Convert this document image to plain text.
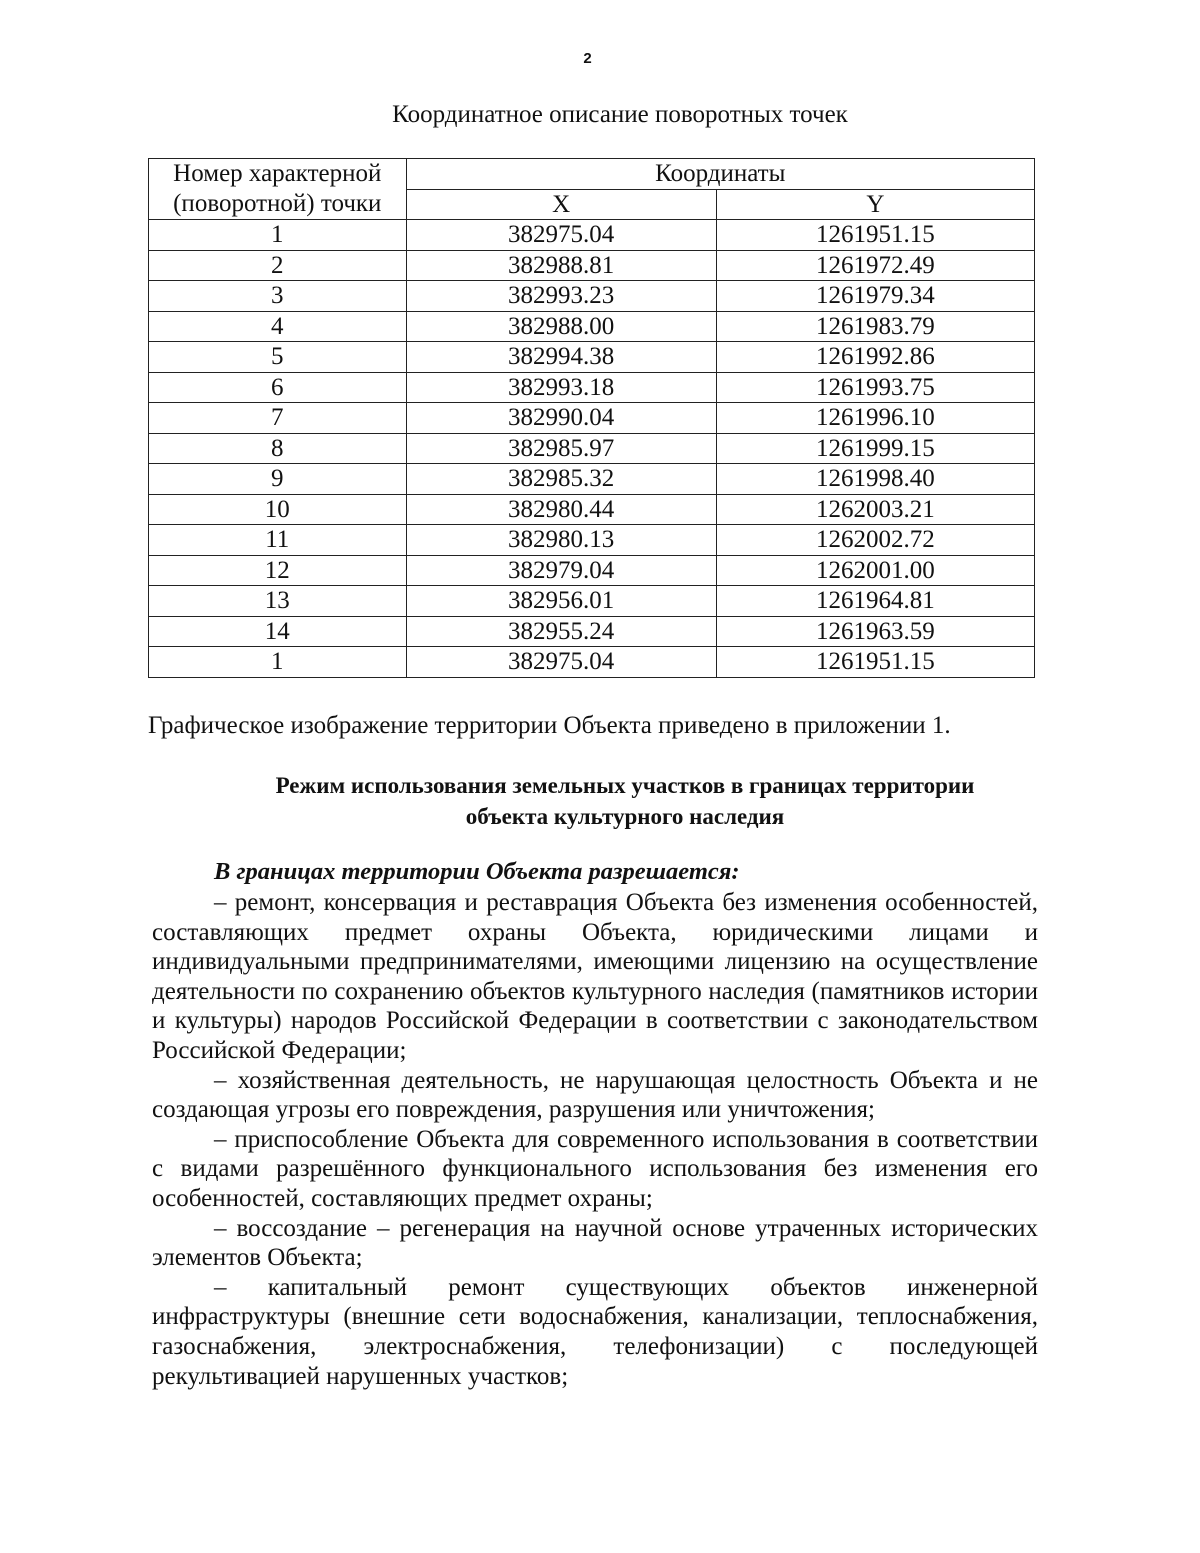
2
Координатное описание поворотных точек
Номер характерной
(поворотной) точки	Координаты	
	X	Y
1	382975.04	1261951.15
2	382988.81	1261972.49
3	382993.23	1261979.34
4	382988.00	1261983.79
5	382994.38	1261992.86
6	382993.18	1261993.75
7	382990.04	1261996.10
8	382985.97	1261999.15
9	382985.32	1261998.40
10	382980.44	1262003.21
11	382980.13	1262002.72
12	382979.04	1262001.00
13	382956.01	1261964.81
14	382955.24	1261963.59
1	382975.04	1261951.15
Графическое изображение территории Объекта приведено в приложении 1.
Режим использования земельных участков в границах территории
объекта культурного наследия
В границах территории Объекта разрешается:

– ремонт, консервация и реставрация Объекта без изменения особенностей, составляющих предмет охраны Объекта, юридическими лицами и индивидуальными предпринимателями, имеющими лицензию на осуществление деятельности по сохранению объектов культурного наследия (памятников истории и культуры) народов Российской Федерации в соответствии с законодательством Российской Федерации;

– хозяйственная деятельность, не нарушающая целостность Объекта и не создающая угрозы его повреждения, разрушения или уничтожения;

– приспособление Объекта для современного использования в соответствии с видами разрешённого функционального использования без изменения его особенностей, составляющих предмет охраны;

– воссоздание – регенерация на научной основе утраченных исторических элементов Объекта;

– капитальный ремонт существующих объектов инженерной инфраструктуры (внешние сети водоснабжения, канализации, теплоснабжения, газоснабжения, электроснабжения, телефонизации) с последующей рекультивацией нарушенных участков;
